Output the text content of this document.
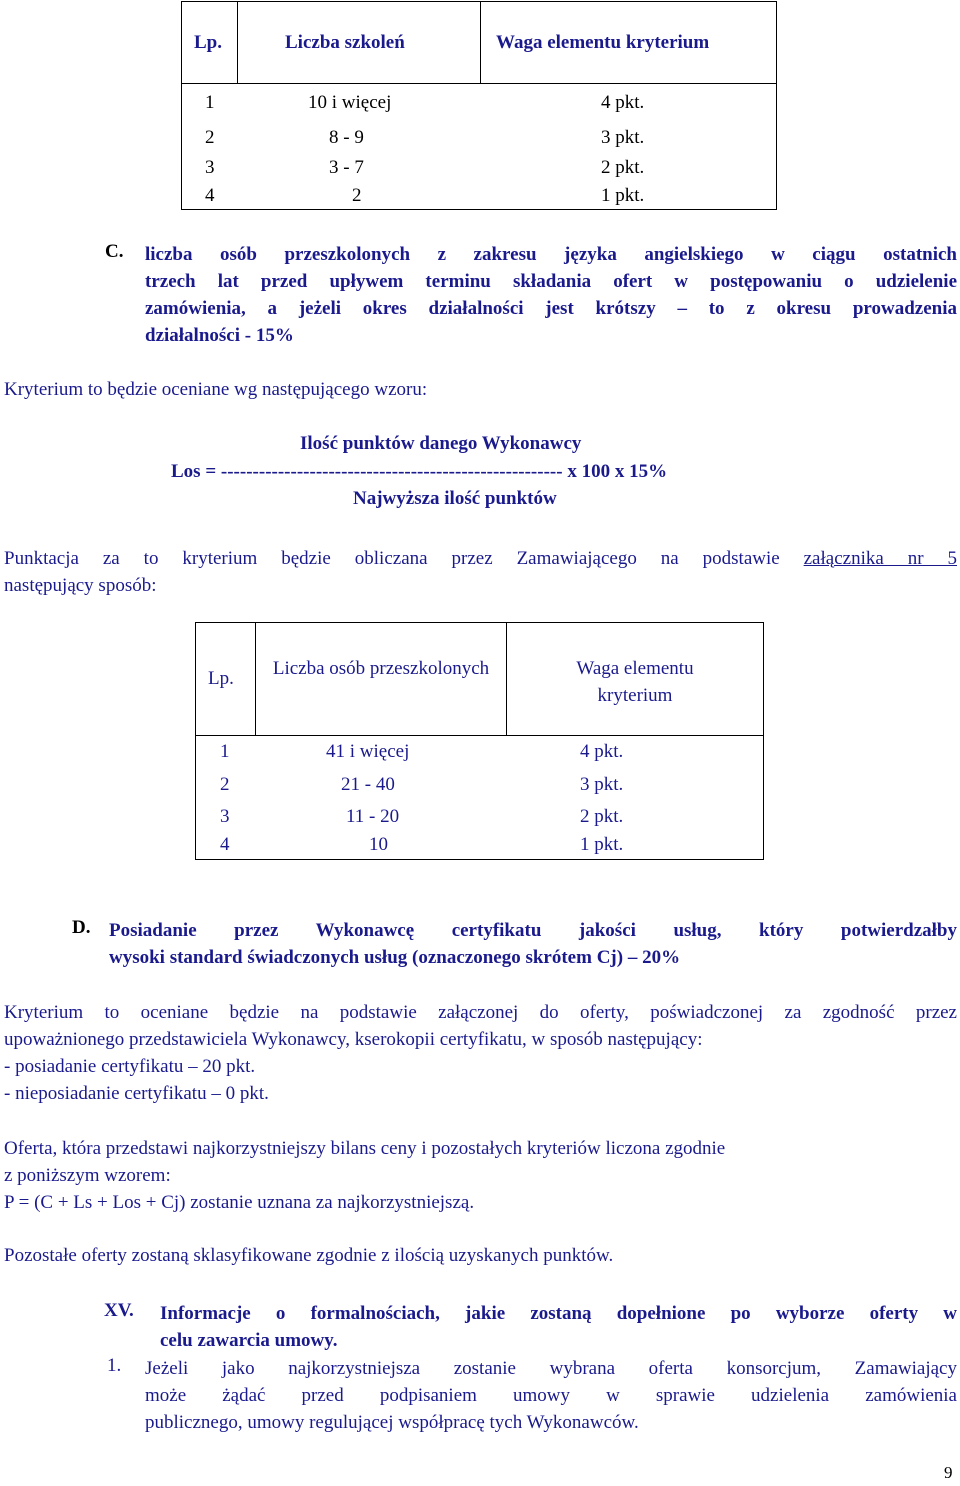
Lp.	Liczba szkoleń	Waga elementu kryterium
1	10 i więcej	4 pkt.
2	8 - 9	3 pkt.
3	3 - 7	2 pkt.
4	2	1 pkt.
C. liczba osób przeszkolonych z zakresu języka angielskiego w ciągu ostatnich

trzech lat przed upływem terminu składania ofert w postępowaniu o udzielenie

zamówienia, a jeżeli okres działalności jest krótszy – to z okresu prowadzenia

działalności - 15%

Kryterium to będzie oceniane wg następującego wzoru:
Ilość punktów danego Wykonawcy
Los = ------------------------------------------------------ x 100 x 15%
Najwyższa ilość punktów

Punktacja za to kryterium będzie obliczana przez Zamawiającego na podstawie załącznika nr 5

następujący sposób:

Lp.	Liczba osób przeszkolonych	Waga elementu kryterium
1	41 i więcej	4 pkt.
2	21 - 40	3 pkt.
3	11 - 20	2 pkt.
4	10	1 pkt.
D. Posiadanie przez Wykonawcę certyfikatu jakości usług, który potwierdzałby

wysoki standard świadczonych usług (oznaczonego skrótem Cj) – 20%

Kryterium to oceniane będzie na podstawie załączonej do oferty, poświadczonej za zgodność przez

upoważnionego przedstawiciela Wykonawcy, kserokopii certyfikatu, w sposób następujący:

- posiadanie certyfikatu – 20 pkt.

- nieposiadanie certyfikatu – 0 pkt.

Oferta, która przedstawi najkorzystniejszy bilans ceny i pozostałych kryteriów liczona zgodnie

z poniższym wzorem:

P = (C + Ls + Los + Cj) zostanie uznana za najkorzystniejszą.

Pozostałe oferty zostaną sklasyfikowane zgodnie z ilością uzyskanych punktów.
XV. Informacje o formalnościach, jakie zostaną dopełnione po wyborze oferty w

celu zawarcia umowy.

1. Jeżeli jako najkorzystniejsza zostanie wybrana oferta konsorcjum, Zamawiający

może żądać przed podpisaniem umowy w sprawie udzielenia zamówienia

publicznego, umowy regulującej współpracę tych Wykonawców.

9
